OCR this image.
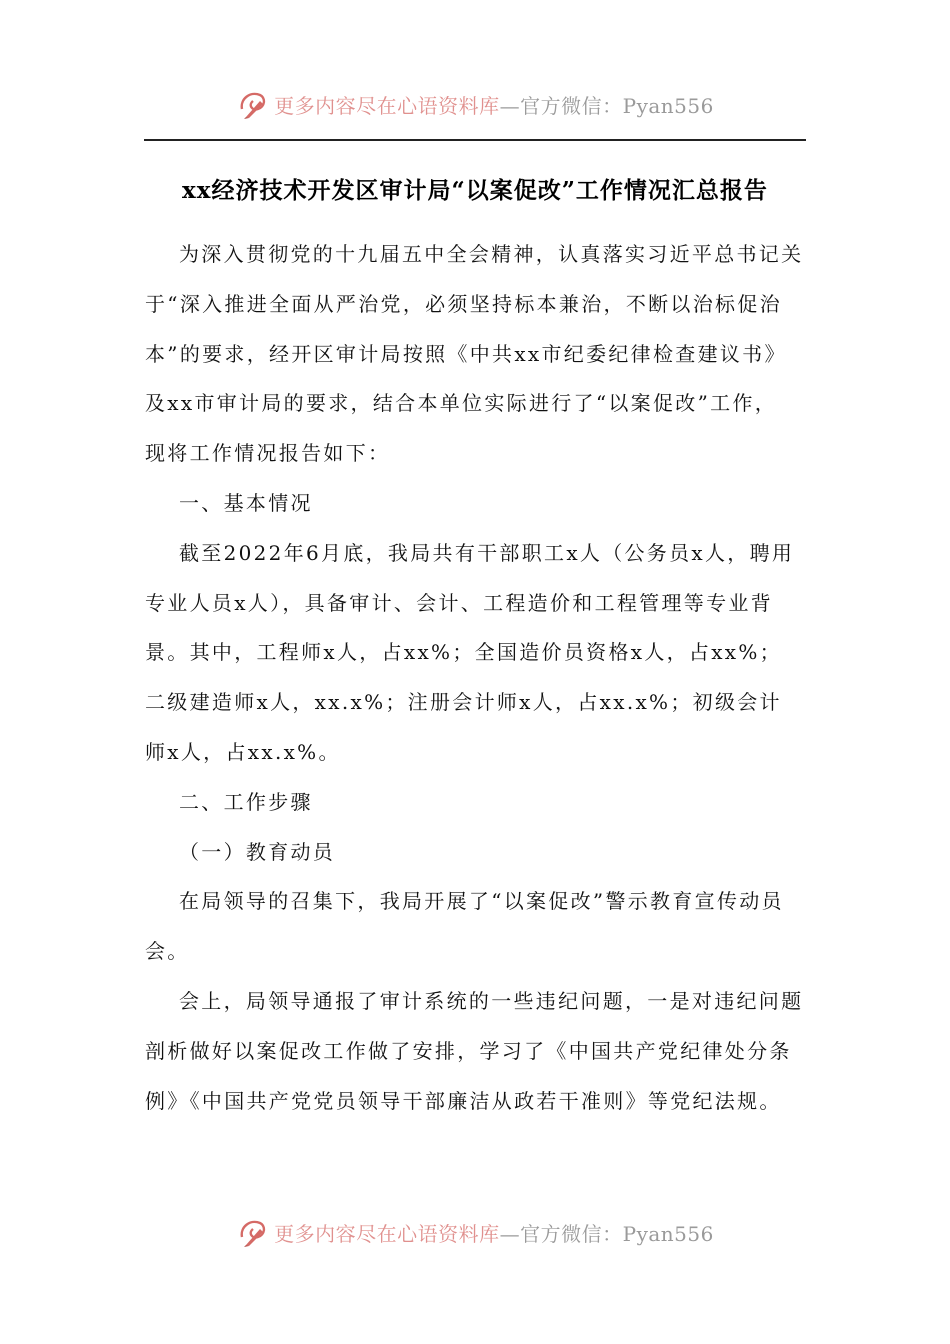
更多内容尽在心语资料库—官方微信：Pyan556
xx经济技术开发区审计局“以案促改”工作情况汇总报告
为深入贯彻党的十九届五中全会精神，认真落实习近平总书记关
于“深入推进全面从严治党，必须坚持标本兼治，不断以治标促治
本”的要求，经开区审计局按照《中共xx市纪委纪律检查建议书》
及xx市审计局的要求，结合本单位实际进行了“以案促改”工作，
现将工作情况报告如下：
一、基本情况
截至2022年6月底，我局共有干部职工x人（公务员x人，聘用
专业人员x人），具备审计、会计、工程造价和工程管理等专业背
景。其中，工程师x人，占xx%；全国造价员资格x人，占xx%；
二级建造师x人，xx.x%；注册会计师x人，占xx.x%；初级会计
师x人，占xx.x%。
二、工作步骤
（一）教育动员
在局领导的召集下，我局开展了“以案促改”警示教育宣传动员
会。
会上，局领导通报了审计系统的一些违纪问题，一是对违纪问题
剖析做好以案促改工作做了安排，学习了《中国共产党纪律处分条
例》《中国共产党党员领导干部廉洁从政若干准则》等党纪法规。
更多内容尽在心语资料库—官方微信：Pyan556
